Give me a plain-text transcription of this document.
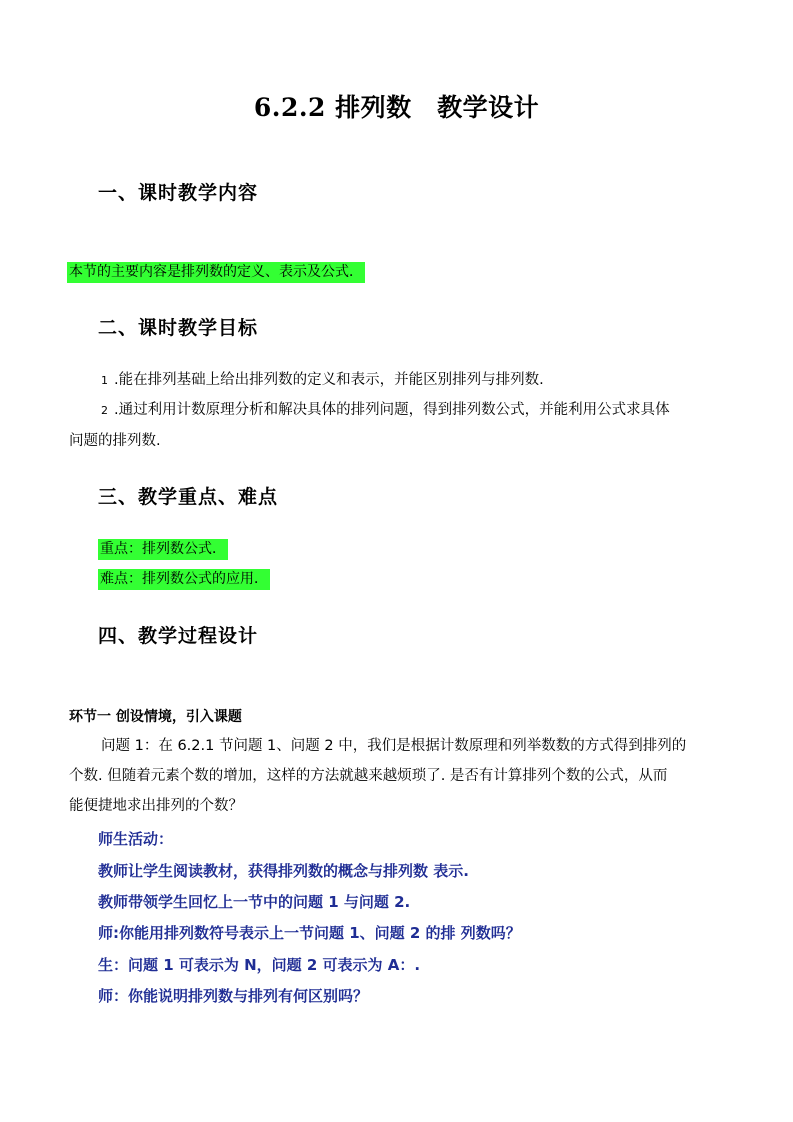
6.2.2 排列数　教学设计
一、课时教学内容
本节的主要内容是排列数的定义、表示及公式．
二、课时教学目标
1 .能在排列基础上给出排列数的定义和表示，并能区别排列与排列数.
2 .通过利用计数原理分析和解决具体的排列问题，得到排列数公式，并能利用公式求具体
问题的排列数.
三、教学重点、难点
重点：排列数公式．
难点：排列数公式的应用．
四、教学过程设计
环节一 创设情境，引入课题
问题 1：在 6.2.1 节问题 1、问题 2 中，我们是根据计数原理和列举数数的方式得到排列的
个数. 但随着元素个数的增加，这样的方法就越来越烦琐了. 是否有计算排列个数的公式，从而
能便捷地求出排列的个数？
师生活动：
教师让学生阅读教材，获得排列数的概念与排列数 表示.
教师带领学生回忆上一节中的问题 1 与问题 2.
师:你能用排列数符号表示上一节问题 1、问题 2 的排 列数吗？
生：问题 1 可表示为 N，问题 2 可表示为 A：.
师：你能说明排列数与排列有何区别吗？
